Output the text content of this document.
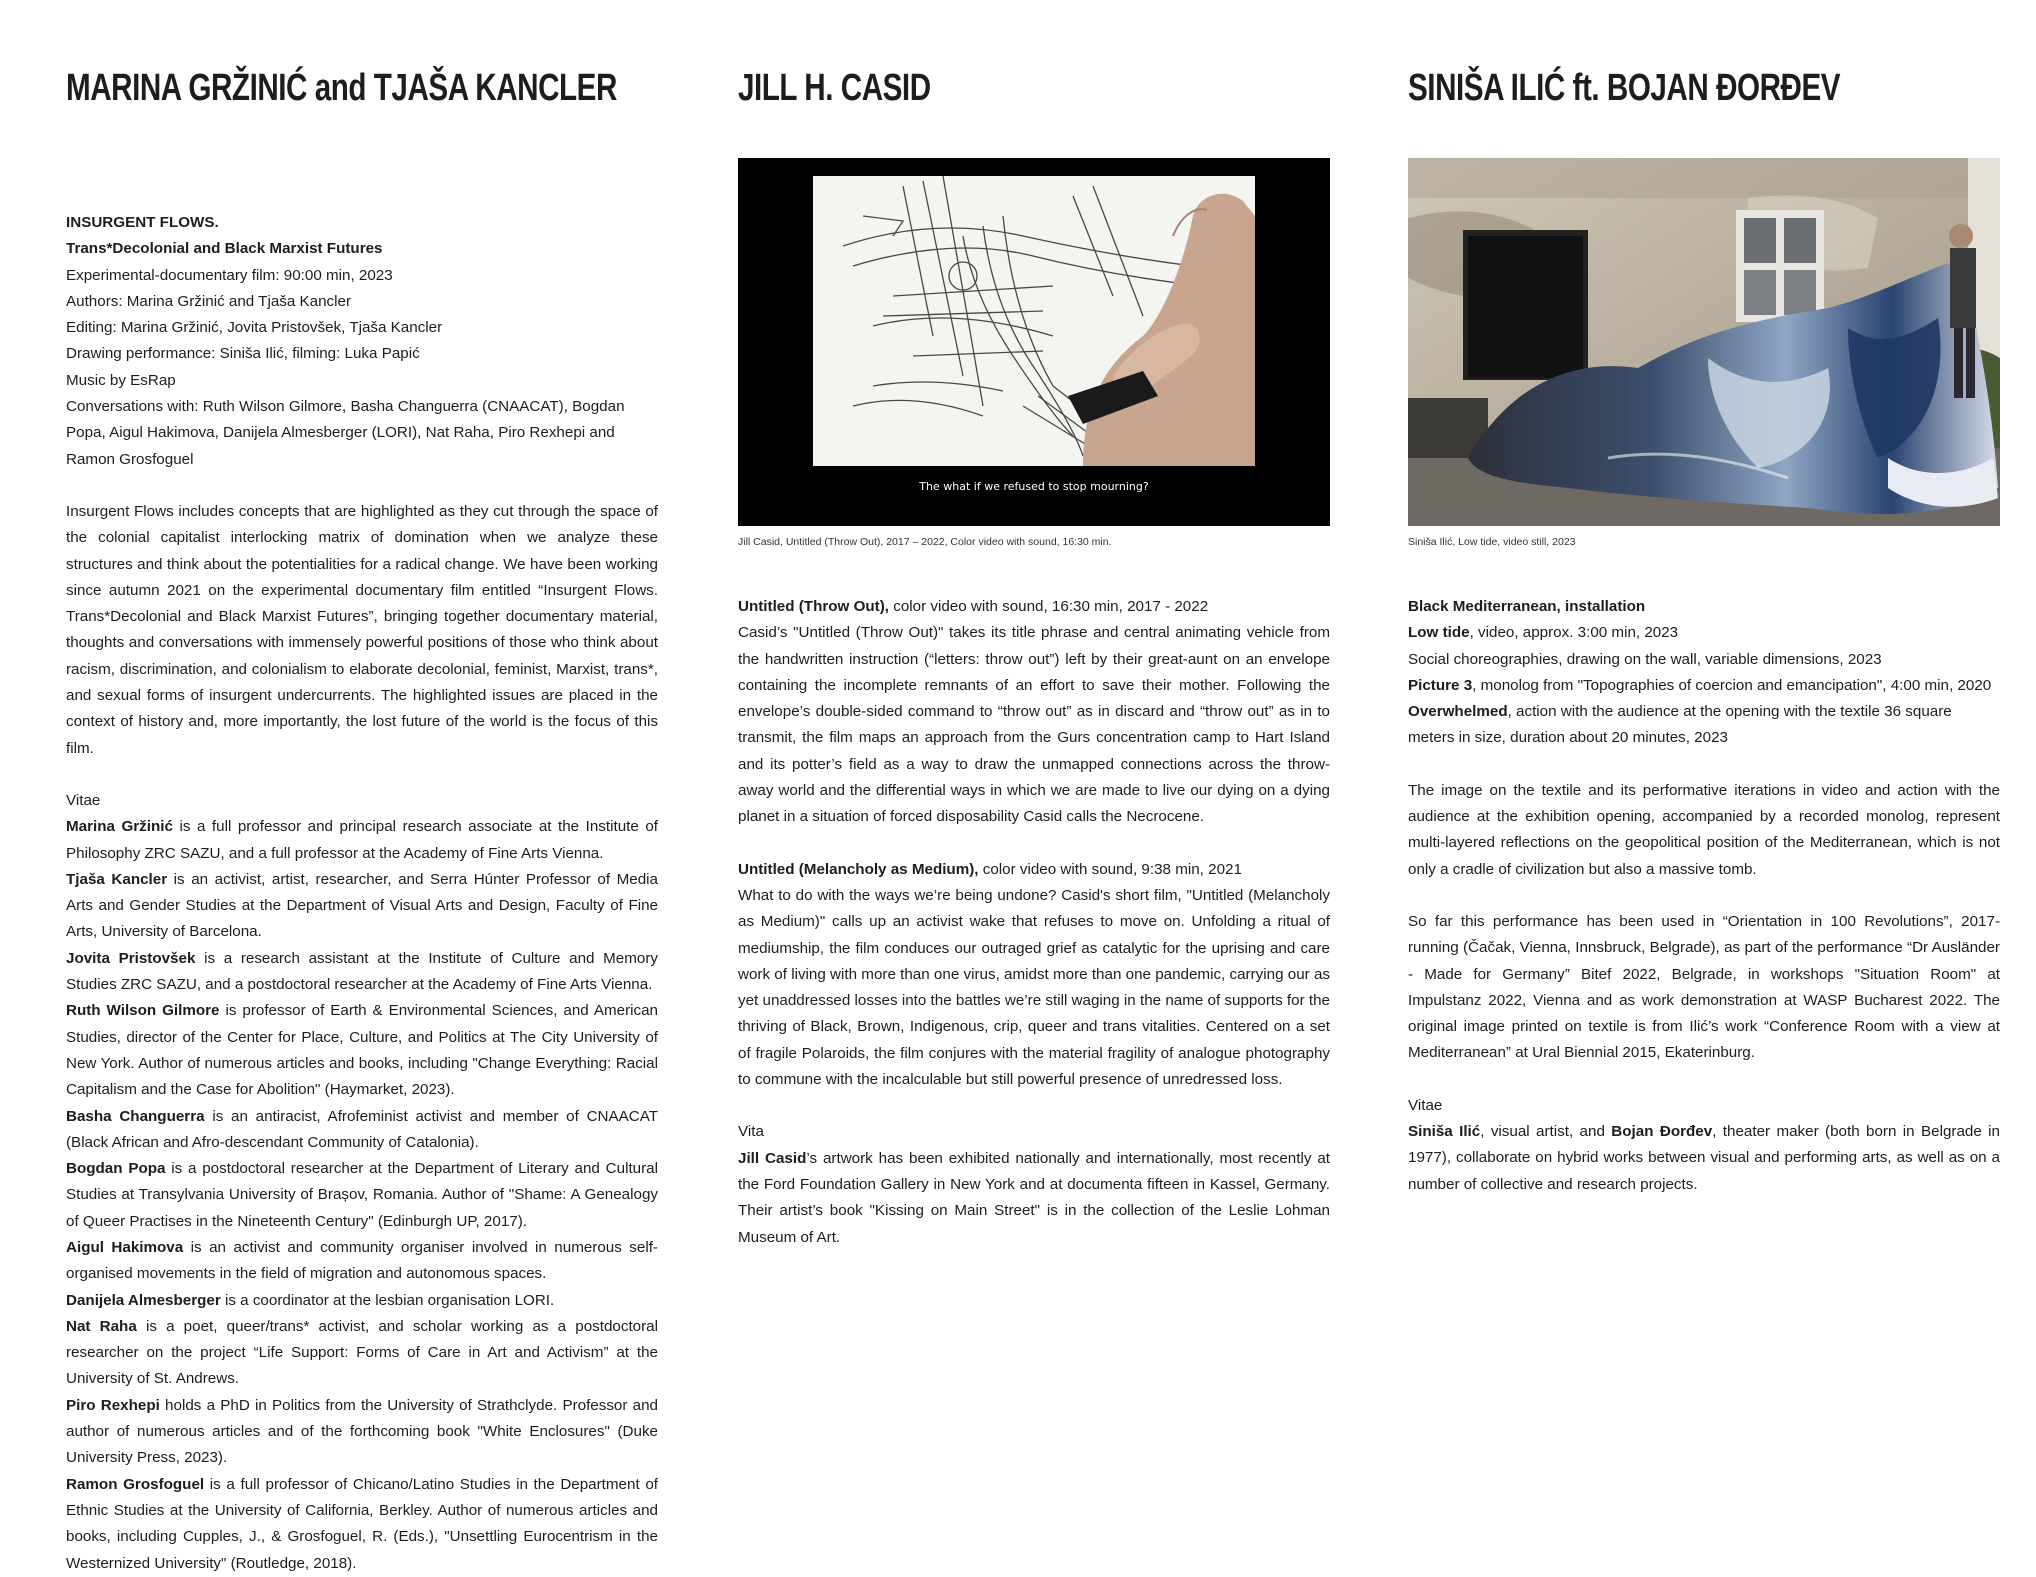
MARINA GRŽINIĆ and TJAŠA KANCLER

INSURGENT FLOWS.

Trans*Decolonial and Black Marxist Futures

Experimental-documentary film: 90:00 min, 2023

Authors: Marina Gržinić and Tjaša Kancler

Editing: Marina Gržinić, Jovita Pristovšek, Tjaša Kancler

Drawing performance: Siniša Ilić, filming: Luka Papić

Music by EsRap

Conversations with: Ruth Wilson Gilmore, Basha Changuerra (CNAACAT), Bogdan Popa, Aigul Hakimova, Danijela Almesberger (LORI), Nat Raha, Piro Rexhepi and Ramon Grosfoguel

Insurgent Flows includes concepts that are highlighted as they cut through the space of the colonial capitalist interlocking matrix of domination when we analyze these structures and think about the potentialities for a radical change. We have been working since autumn 2021 on the experimental documentary film entitled “Insurgent Flows. Trans*Decolonial and Black Marxist Futures”, bringing together documentary material, thoughts and conversations with immensely powerful positions of those who think about racism, discrimination, and colonialism to elaborate decolonial, feminist, Marxist, trans*, and sexual forms of insurgent undercurrents. The highlighted issues are placed in the context of history and, more importantly, the lost future of the world is the focus of this film.

Vitae

Marina Gržinić is a full professor and principal research associate at the Institute of Philosophy ZRC SAZU, and a full professor at the Academy of Fine Arts Vienna.

Tjaša Kancler is an activist, artist, researcher, and Serra Húnter Professor of Media Arts and Gender Studies at the Department of Visual Arts and Design, Faculty of Fine Arts, University of Barcelona.

Jovita Pristovšek is a research assistant at the Institute of Culture and Memory Studies ZRC SAZU, and a postdoctoral researcher at the Academy of Fine Arts Vienna.

Ruth Wilson Gilmore is professor of Earth & Environmental Sciences, and American Studies, director of the Center for Place, Culture, and Politics at The City University of New York. Author of numerous articles and books, including "Change Everything: Racial Capitalism and the Case for Abolition" (Haymarket, 2023).

Basha Changuerra is an antiracist, Afrofeminist activist and member of CNAACAT (Black African and Afro-descendant Community of Catalonia).

Bogdan Popa is a postdoctoral researcher at the Department of Literary and Cultural Studies at Transylvania University of Brașov, Romania. Author of "Shame: A Genealogy of Queer Practises in the Nineteenth Century" (Edinburgh UP, 2017).

Aigul Hakimova is an activist and community organiser involved in numerous self-organised movements in the field of migration and autonomous spaces.

Danijela Almesberger is a coordinator at the lesbian organisation LORI.

Nat Raha is a poet, queer/trans* activist, and scholar working as a postdoctoral researcher on the project “Life Support: Forms of Care in Art and Activism” at the University of St. Andrews.

Piro Rexhepi holds a PhD in Politics from the University of Strathclyde. Professor and author of numerous articles and of the forthcoming book "White Enclosures" (Duke University Press, 2023).

Ramon Grosfoguel is a full professor of Chicano/Latino Studies in the Department of Ethnic Studies at the University of California, Berkley. Author of numerous articles and books, including Cupples, J., & Grosfoguel, R. (Eds.), "Unsettling Eurocentrism in the Westernized University" (Routledge, 2018).

JILL H. CASID
The what if we refused to stop mourning?
Jill Casid, Untitled (Throw Out), 2017 – 2022, Color video with sound, 16:30 min.

Untitled (Throw Out), color video with sound, 16:30 min, 2017 - 2022

Casid’s "Untitled (Throw Out)" takes its title phrase and central animating vehicle from the handwritten instruction (“letters: throw out”) left by their great-aunt on an envelope containing the incomplete remnants of an effort to save their mother. Following the envelope’s double-sided command to “throw out” as in discard and “throw out” as in to transmit, the film maps an approach from the Gurs concentration camp to Hart Island and its potter’s field as a way to draw the unmapped connections across the throw-away world and the differential ways in which we are made to live our dying on a dying planet in a situation of forced disposability Casid calls the Necrocene.

Untitled (Melancholy as Medium), color video with sound, 9:38 min, 2021

What to do with the ways we’re being undone? Casid's short film, "Untitled (Melancholy as Medium)" calls up an activist wake that refuses to move on. Unfolding a ritual of mediumship, the film conduces our outraged grief as catalytic for the uprising and care work of living with more than one virus, amidst more than one pandemic, carrying our as yet unaddressed losses into the battles we’re still waging in the name of supports for the thriving of Black, Brown, Indigenous, crip, queer and trans vitalities. Centered on a set of fragile Polaroids, the film conjures with the material fragility of analogue photography to commune with the incalculable but still powerful presence of unredressed loss.

Vita

Jill Casid’s artwork has been exhibited nationally and internationally, most recently at the Ford Foundation Gallery in New York and at documenta fifteen in Kassel, Germany. Their artist’s book "Kissing on Main Street" is in the collection of the Leslie Lohman Museum of Art.

SINIŠA ILIĆ ft. BOJAN ĐORĐEV
Siniša Ilić, Low tide, video still, 2023

Black Mediterranean, installation

Low tide, video, approx. 3:00 min, 2023

Social choreographies, drawing on the wall, variable dimensions, 2023

Picture 3, monolog from "Topographies of coercion and emancipation", 4:00 min, 2020

Overwhelmed, action with the audience at the opening with the textile 36 square meters in size, duration about 20 minutes, 2023

The image on the textile and its performative iterations in video and action with the audience at the exhibition opening, accompanied by a recorded monolog, represent multi-layered reflections on the geopolitical position of the Mediterranean, which is not only a cradle of civilization but also a massive tomb.

So far this performance has been used in “Orientation in 100 Revolutions”, 2017-running (Čačak, Vienna, Innsbruck, Belgrade), as part of the performance “Dr Ausländer - Made for Germany” Bitef 2022, Belgrade, in workshops "Situation Room" at Impulstanz 2022, Vienna and as work demonstration at WASP Bucharest 2022. The original image printed on textile is from Ilić’s work “Conference Room with a view at Mediterranean” at Ural Biennial 2015, Ekaterinburg.

Vitae

Siniša Ilić, visual artist, and Bojan Đorđev, theater maker (both born in Belgrade in 1977), collaborate on hybrid works between visual and performing arts, as well as on a number of collective and research projects.
